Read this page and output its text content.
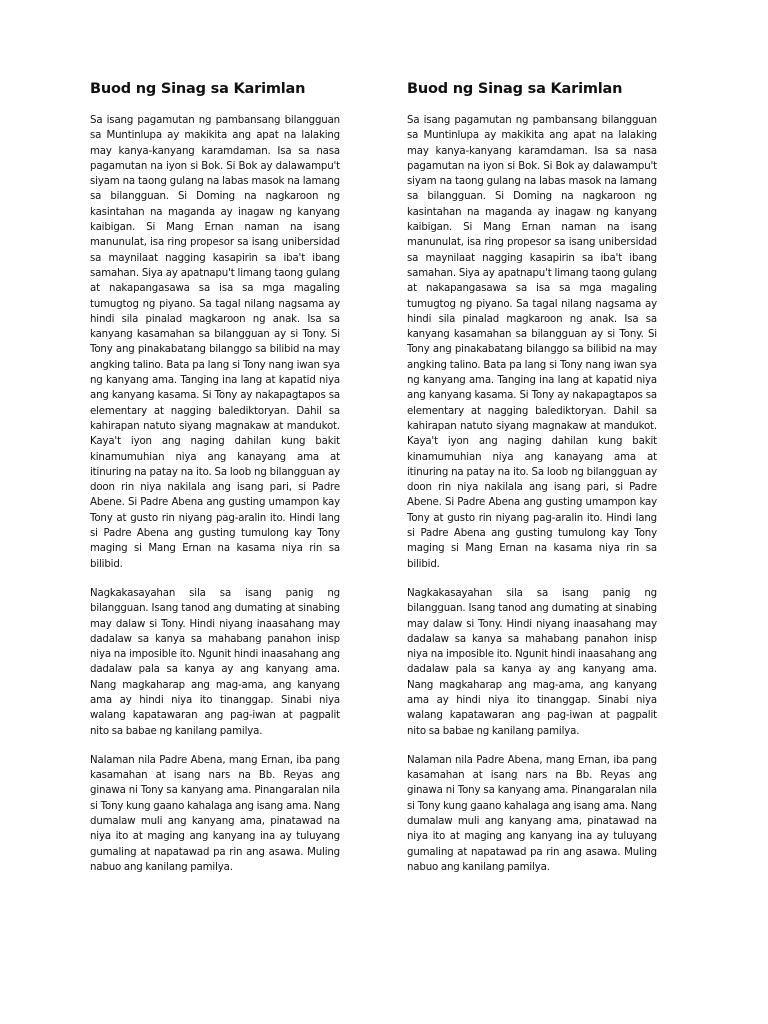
Buod ng Sinag sa Karimlan

Sa isang pagamutan ng pambansang bilangguan sa Muntinlupa ay makikita ang apat na lalaking may kanya-kanyang karamdaman. Isa sa nasa pagamutan na iyon si Bok. Si Bok ay dalawampu't siyam na taong gulang na labas masok na lamang sa bilangguan. Si Doming na nagkaroon ng kasintahan na maganda ay inagaw ng kanyang kaibigan. Si Mang Ernan naman na isang manunulat, isa ring propesor sa isang unibersidad sa maynilaat nagging kasapirin sa iba't ibang samahan. Siya ay apatnapu't limang taong gulang at nakapangasawa sa isa sa mga magaling tumugtog ng piyano. Sa tagal nilang nagsama ay hindi sila pinalad magkaroon ng anak. Isa sa kanyang kasamahan sa bilangguan ay si Tony. Si Tony ang pinakabatang bilanggo sa bilibid na may angking talino. Bata pa lang si Tony nang iwan sya ng kanyang ama. Tanging ina lang at kapatid niya ang kanyang kasama. Si Tony ay nakapagtapos sa elementary at nagging balediktoryan. Dahil sa kahirapan natuto siyang magnakaw at mandukot. Kaya't iyon ang naging dahilan kung bakit kinamumuhian niya ang kanayang ama at itinuring na patay na ito. Sa loob ng bilangguan ay doon rin niya nakilala ang isang pari, si Padre Abene. Si Padre Abena ang gusting umampon kay Tony at gusto rin niyang pag-aralin ito. Hindi lang si Padre Abena ang gusting tumulong kay Tony maging si Mang Ernan na kasama niya rin sa bilibid.

Nagkakasayahan sila sa isang panig ng bilangguan. Isang tanod ang dumating at sinabing may dalaw si Tony. Hindi niyang inaasahang may dadalaw sa kanya sa mahabang panahon inisp niya na imposible ito. Ngunit hindi inaasahang ang dadalaw pala sa kanya ay ang kanyang ama. Nang magkaharap ang mag-ama, ang kanyang ama ay hindi niya ito tinanggap. Sinabi niya walang kapatawaran ang pag-iwan at pagpalit nito sa babae ng kanilang pamilya.

Nalaman nila Padre Abena, mang Ernan, iba pang kasamahan at isang nars na Bb. Reyas ang ginawa ni Tony sa kanyang ama. Pinangaralan nila si Tony kung gaano kahalaga ang isang ama. Nang dumalaw muli ang kanyang ama, pinatawad na niya ito at maging ang kanyang ina ay tuluyang gumaling at napatawad pa rin ang asawa. Muling nabuo ang kanilang pamilya.

Buod ng Sinag sa Karimlan

Sa isang pagamutan ng pambansang bilangguan sa Muntinlupa ay makikita ang apat na lalaking may kanya-kanyang karamdaman. Isa sa nasa pagamutan na iyon si Bok. Si Bok ay dalawampu't siyam na taong gulang na labas masok na lamang sa bilangguan. Si Doming na nagkaroon ng kasintahan na maganda ay inagaw ng kanyang kaibigan. Si Mang Ernan naman na isang manunulat, isa ring propesor sa isang unibersidad sa maynilaat nagging kasapirin sa iba't ibang samahan. Siya ay apatnapu't limang taong gulang at nakapangasawa sa isa sa mga magaling tumugtog ng piyano. Sa tagal nilang nagsama ay hindi sila pinalad magkaroon ng anak. Isa sa kanyang kasamahan sa bilangguan ay si Tony. Si Tony ang pinakabatang bilanggo sa bilibid na may angking talino. Bata pa lang si Tony nang iwan sya ng kanyang ama. Tanging ina lang at kapatid niya ang kanyang kasama. Si Tony ay nakapagtapos sa elementary at nagging balediktoryan. Dahil sa kahirapan natuto siyang magnakaw at mandukot. Kaya't iyon ang naging dahilan kung bakit kinamumuhian niya ang kanayang ama at itinuring na patay na ito. Sa loob ng bilangguan ay doon rin niya nakilala ang isang pari, si Padre Abene. Si Padre Abena ang gusting umampon kay Tony at gusto rin niyang pag-aralin ito. Hindi lang si Padre Abena ang gusting tumulong kay Tony maging si Mang Ernan na kasama niya rin sa bilibid.

Nagkakasayahan sila sa isang panig ng bilangguan. Isang tanod ang dumating at sinabing may dalaw si Tony. Hindi niyang inaasahang may dadalaw sa kanya sa mahabang panahon inisp niya na imposible ito. Ngunit hindi inaasahang ang dadalaw pala sa kanya ay ang kanyang ama. Nang magkaharap ang mag-ama, ang kanyang ama ay hindi niya ito tinanggap. Sinabi niya walang kapatawaran ang pag-iwan at pagpalit nito sa babae ng kanilang pamilya.

Nalaman nila Padre Abena, mang Ernan, iba pang kasamahan at isang nars na Bb. Reyas ang ginawa ni Tony sa kanyang ama. Pinangaralan nila si Tony kung gaano kahalaga ang isang ama. Nang dumalaw muli ang kanyang ama, pinatawad na niya ito at maging ang kanyang ina ay tuluyang gumaling at napatawad pa rin ang asawa. Muling nabuo ang kanilang pamilya.
